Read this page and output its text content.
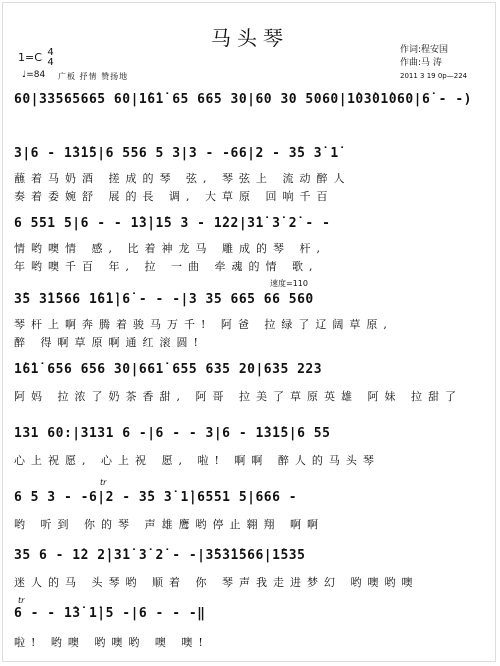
马头琴
1=C 4
4
♩=84 广板 抒情 赞扬地
作词:程安国
作曲:马 涛
2011 3 19 0p—224
60|33565665 60|1̇6̇1̇ 65 665 30|60 30 5060|1̇03̇01̇060|6̇ - -)
3|6 - 1̇3̇1̇5|6 556 5 3|3 - -66|2 - 3̇5 3̇ 1̇
蘸着马奶酒 搓成的琴 弦, 琴弦上 流动醉人
奏着委婉舒 展的長 调, 大草原 回响千百
6 551 5|6 - - 1̇3̇|1̇5 3 - 1̇22|3̇1̇ 3̇ 2̇ - -
情哟噢情 感, 比着神龙马 雕成的琴 杆,
年哟噢千百 年, 拉 一曲 牵魂的情 歌,
速度=110
3̇5 3̇1̇566 1̇6̇1̇|6̇ - - -|3 35 665 66 560
琴杆上啊奔腾着骏马万千! 阿爸 拉绿了辽阔草原,
醉 得啊草原啊通红滚圆!
1̇6̇1̇ 656 656 30|661̇ 655 635 20|635 223
阿妈 拉浓了奶茶香甜, 阿哥 拉美了草原英雄 阿妹 拉甜了
131 60:|3131 6 -|6 - - 3|6 - 1̇3̇1̇5|6 55
心上祝愿, 心上祝 愿, 啦! 啊啊 醉人的马头琴
tr
6 5 3 - -6|2 - 3̇5 3̇ 1̇|6551 5|666 -
哟 听到 你的琴 声雄鹰哟停止翱翔 啊啊
35 6 - 1̇2 2̇|3̇1̇ 3̇ 2̇ - -|3̇5̇3̇1̇566|1̇535
迷人的马 头琴哟 顺着 你 琴声我走进梦幻 哟噢哟噢
tr
6 - - 1̇3̇ 1̇|5 -|6 - - -‖
啦! 哟噢 哟噢哟 噢 噢!
